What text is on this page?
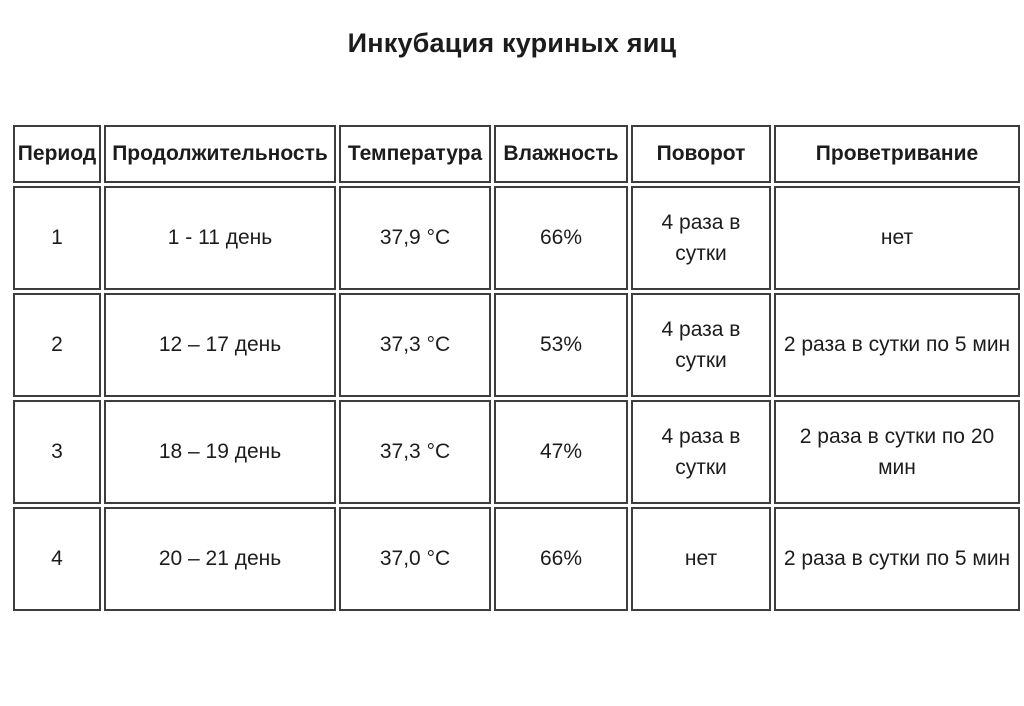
Инкубация куриных яиц
Период	Продолжительность	Температура	Влажность	Поворот	Проветривание
1	1 - 11 день	37,9 °C	66%	4 раза в сутки	нет
2	12 – 17 день	37,3 °C	53%	4 раза в сутки	2 раза в сутки по 5 мин
3	18 – 19 день	37,3 °C	47%	4 раза в сутки	2 раза в сутки по 20 мин
4	20 – 21 день	37,0 °C	66%	нет	2 раза в сутки по 5 мин
